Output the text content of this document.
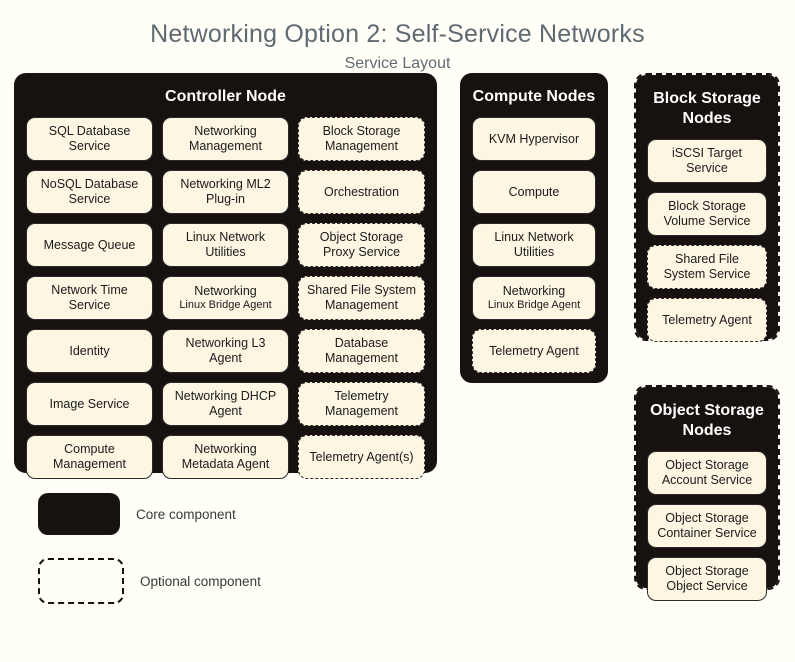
Networking Option 2: Self-Service Networks
Service Layout
Controller Node
SQL Database Service
NoSQL Database Service
Message Queue
Network Time Service
Identity
Image Service
Compute Management
Networking Management
Networking ML2 Plug-in
Linux Network Utilities
Networking
Linux Bridge Agent
Networking L3 Agent
Networking DHCP Agent
Networking Metadata Agent
Block Storage Management
Orchestration
Object Storage Proxy Service
Shared File System Management
Database Management
Telemetry Management
Telemetry Agent(s)
Compute Nodes
KVM Hypervisor
Compute
Linux Network Utilities
Networking
Linux Bridge Agent
Telemetry Agent
Block Storage Nodes
iSCSI Target Service
Block Storage Volume Service
Shared File System Service
Telemetry Agent
Object Storage Nodes
Object Storage Account Service
Object Storage Container Service
Object Storage Object Service
Core component
Optional component
